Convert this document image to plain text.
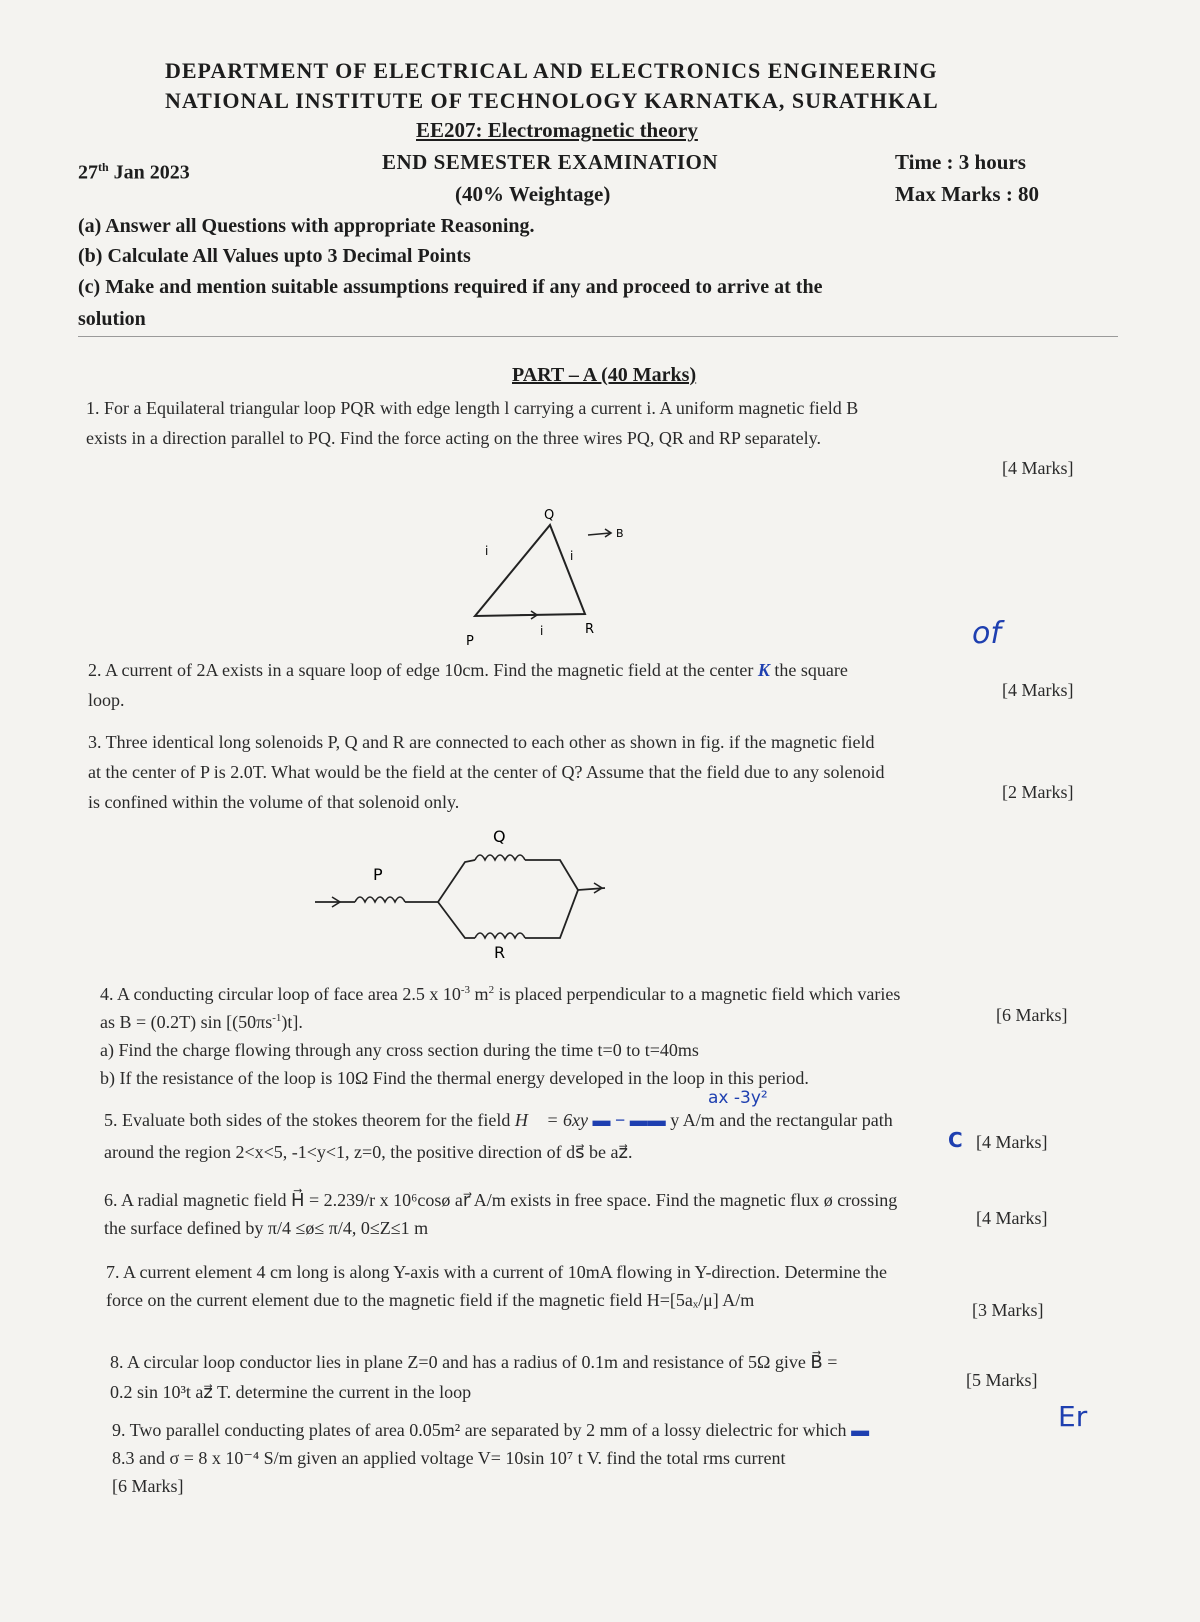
DEPARTMENT OF ELECTRICAL AND ELECTRONICS ENGINEERING
NATIONAL INSTITUTE OF TECHNOLOGY KARNATKA, SURATHKAL
EE207: Electromagnetic theory
27th Jan 2023	END SEMESTER EXAMINATION
(40% Weightage)
Time : 3 hours
Max Marks : 80
(a) Answer all Questions with appropriate Reasoning.
(b) Calculate All Values upto 3 Decimal Points
(c) Make and mention suitable assumptions required if any and proceed to arrive at the
solution
PART – A (40 Marks)
1. For a Equilateral triangular loop PQR with edge length l carrying a current i. A uniform magnetic field B
exists in a direction parallel to PQ. Find the force acting on the three wires PQ, QR and RP separately.
[4 Marks]
Q
P
R
i	i
i
B
of
2. A current of 2A exists in a square loop of edge 10cm. Find the magnetic field at the center K the square
loop.	[4 Marks]
3. Three identical long solenoids P, Q and R are connected to each other as shown in fig. if the magnetic field
at the center of P is 2.0T. What would be the field at the center of Q? Assume that the field due to any solenoid
is confined within the volume of that solenoid only.	[2 Marks]
P
Q
R
4. A conducting circular loop of face area 2.5 x $10^{-3}$ $m^2$ is placed perpendicular to a magnetic field which varies
as B = (0.2T) $\sin [(50\pi s^{-1})t]$.	[6 Marks]
a) Find the charge flowing through any cross section during the time t=0 to t=40ms
b) If the resistance of the loop is 10Ω Find the thermal energy developed in the loop in this period.
ax -3y²
5. Evaluate both sides of the stokes theorem for the field H⃗ = 6xy ▬ − ▬▬ y A/m and the rectangular path
around the region 2<x<5, -1<y<1, z=0, the positive direction of ds⃗ be az⃗.	C [4 Marks]
6. A radial magnetic field H⃗ = 2.239/r x 10⁶cosø ar⃗ A/m exists in free space. Find the magnetic flux ø crossing
the surface defined by π/4 ≤ø≤ π/4, 0≤Z≤1 m	[4 Marks]
7. A current element 4 cm long is along Y-axis with a current of 10mA flowing in Y-direction. Determine the
force on the current element due to the magnetic field if the magnetic field H=[5aₓ/μ] A/m	[3 Marks]
8. A circular loop conductor lies in plane Z=0 and has a radius of 0.1m and resistance of 5Ω give B⃗ =
0.2 sin 10³t az⃗ T. determine the current in the loop
[5 Marks]
9. Two parallel conducting plates of area 0.05m² are separated by 2 mm of a lossy dielectric for which ▬	Er
8.3 and σ = 8 x 10⁻⁴ S/m given an applied voltage V= 10sin 10⁷ t V. find the total rms current
[6 Marks]
